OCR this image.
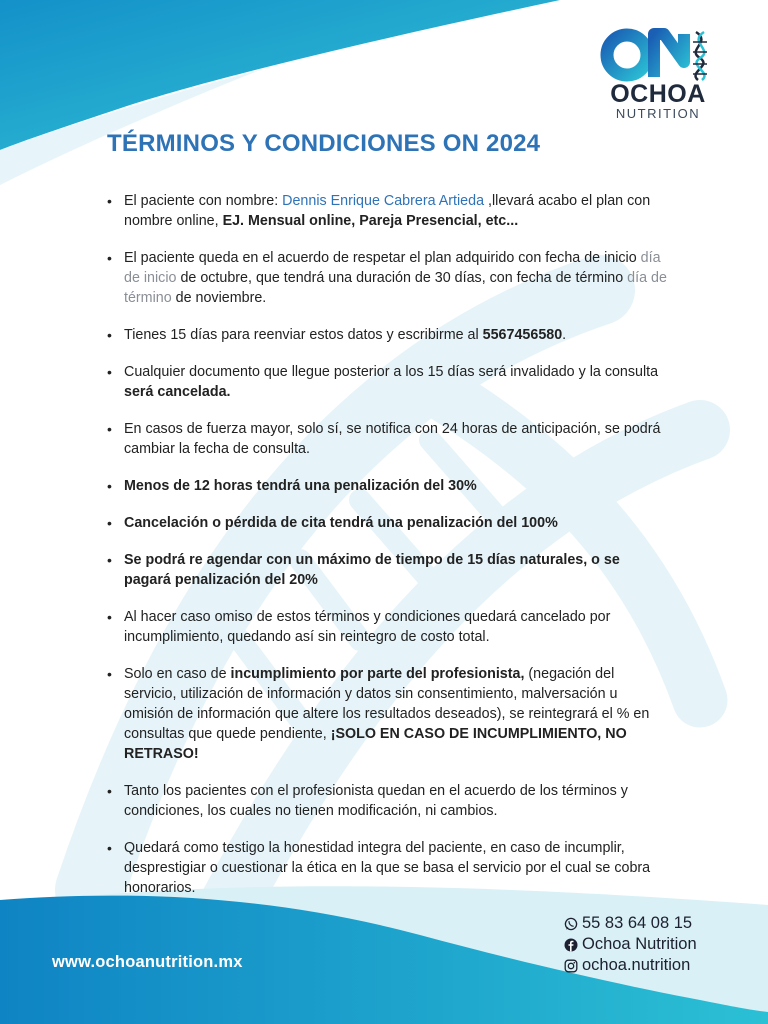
OCHOA
NUTRITION
TÉRMINOS Y CONDICIONES ON 2024
• El paciente con nombre: Dennis Enrique Cabrera Artieda ,llevará acabo el plan con nombre online, EJ. Mensual online, Pareja Presencial, etc...
• El paciente queda en el acuerdo de respetar el plan adquirido con fecha de inicio día de inicio de octubre, que tendrá una duración de 30 días, con fecha de término día de término de noviembre.
• Tienes 15 días para reenviar estos datos y escribirme al 5567456580.
• Cualquier documento que llegue posterior a los 15 días será invalidado y la consulta será cancelada.
• En casos de fuerza mayor, solo sí, se notifica con 24 horas de anticipación, se podrá cambiar la fecha de consulta.
• Menos de 12 horas tendrá una penalización del 30%
• Cancelación o pérdida de cita tendrá una penalización del 100%
• Se podrá re agendar con un máximo de tiempo de 15 días naturales, o se pagará penalización del 20%
• Al hacer caso omiso de estos términos y condiciones quedará cancelado por incumplimiento, quedando así sin reintegro de costo total.
• Solo en caso de incumplimiento por parte del profesionista, (negación del servicio, utilización de información y datos sin consentimiento, malversación u omisión de información que altere los resultados deseados), se reintegrará el % en consultas que quede pendiente, ¡SOLO EN CASO DE INCUMPLIMIENTO, NO RETRASO!
• Tanto los pacientes con el profesionista quedan en el acuerdo de los términos y condiciones, los cuales no tienen modificación, ni cambios.
• Quedará como testigo la honestidad integra del paciente, en caso de incumplir, desprestigiar o cuestionar la ética en la que se basa el servicio por el cual se cobra honorarios.
www.ochoanutrition.mx
55 83 64 08 15
Ochoa Nutrition
ochoa.nutrition
